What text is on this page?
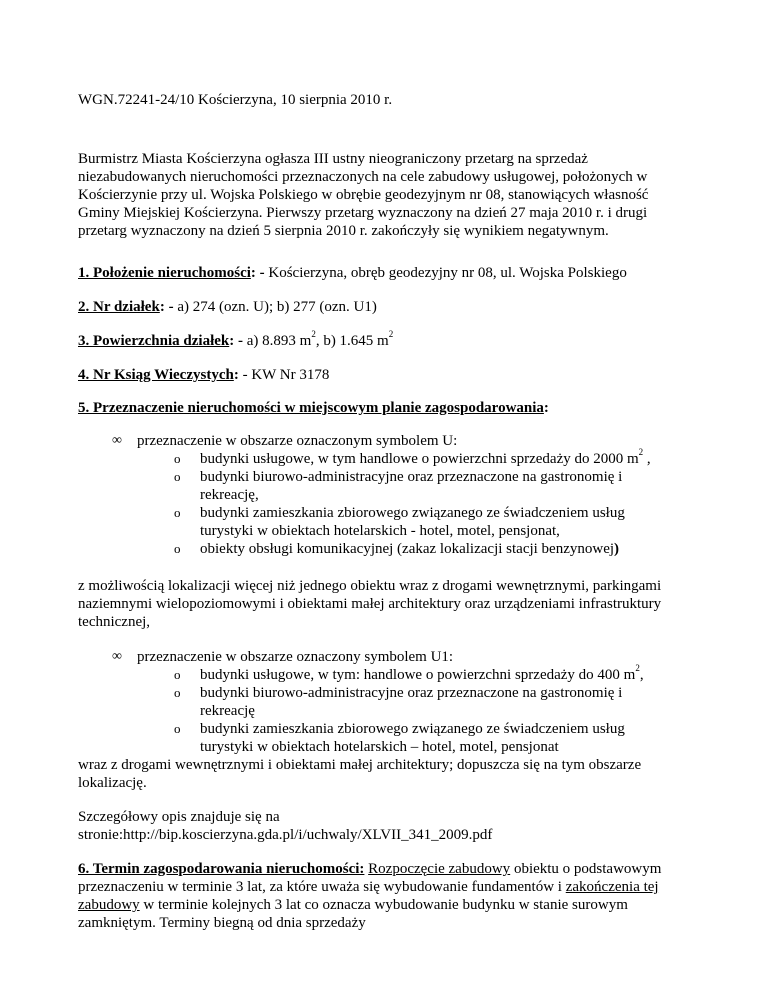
WGN.72241-24/10 Kościerzyna, 10 sierpnia 2010 r.

Burmistrz Miasta Kościerzyna ogłasza III ustny nieograniczony przetarg na sprzedaż niezabudowanych nieruchomości przeznaczonych na cele zabudowy usługowej, położonych w Kościerzynie przy ul. Wojska Polskiego w obrębie geodezyjnym nr 08, stanowiących własność Gminy Miejskiej Kościerzyna. Pierwszy przetarg wyznaczony na dzień 27 maja 2010 r. i drugi przetarg wyznaczony na dzień 5 sierpnia 2010 r. zakończyły się wynikiem negatywnym.

1. Położenie nieruchomości: - Kościerzyna, obręb geodezyjny nr 08, ul. Wojska Polskiego

2. Nr działek: - a) 274 (ozn. U); b) 277 (ozn. U1)

3. Powierzchnia działek: - a) 8.893 $m^2$, b) 1.645 $m^2$

4. Nr Ksiąg Wieczystych: - KW Nr 3178

5. Przeznaczenie nieruchomości w miejscowym planie zagospodarowania:

∞ przeznaczenie w obszarze oznaczonym symbolem U:

o budynki usługowe, w tym handlowe o powierzchni sprzedaży do 2000 $m^2$ ,

o budynki biurowo-administracyjne oraz przeznaczone na gastronomię i rekreację,

o budynki zamieszkania zbiorowego związanego ze świadczeniem usług turystyki w obiektach hotelarskich - hotel, motel, pensjonat,

o obiekty obsługi komunikacyjnej (zakaz lokalizacji stacji benzynowej)

z możliwością lokalizacji więcej niż jednego obiektu wraz z drogami wewnętrznymi, parkingami naziemnymi wielopoziomowymi i obiektami małej architektury oraz urządzeniami infrastruktury technicznej,

∞ przeznaczenie w obszarze oznaczony symbolem U1:

o budynki usługowe, w tym: handlowe o powierzchni sprzedaży do 400 $m^2$,

o budynki biurowo-administracyjne oraz przeznaczone na gastronomię i rekreację

o budynki zamieszkania zbiorowego związanego ze świadczeniem usług turystyki w obiektach hotelarskich – hotel, motel, pensjonat

wraz z drogami wewnętrznymi i obiektami małej architektury; dopuszcza się na tym obszarze lokalizację.

Szczegółowy opis znajduje się na stronie:http://bip.koscierzyna.gda.pl/i/uchwaly/XLVII_341_2009.pdf

6. Termin zagospodarowania nieruchomości: Rozpoczęcie zabudowy obiektu o podstawowym przeznaczeniu w terminie 3 lat, za które uważa się wybudowanie fundamentów i zakończenia tej zabudowy w terminie kolejnych 3 lat co oznacza wybudowanie budynku w stanie surowym zamkniętym. Terminy biegną od dnia sprzedaży
